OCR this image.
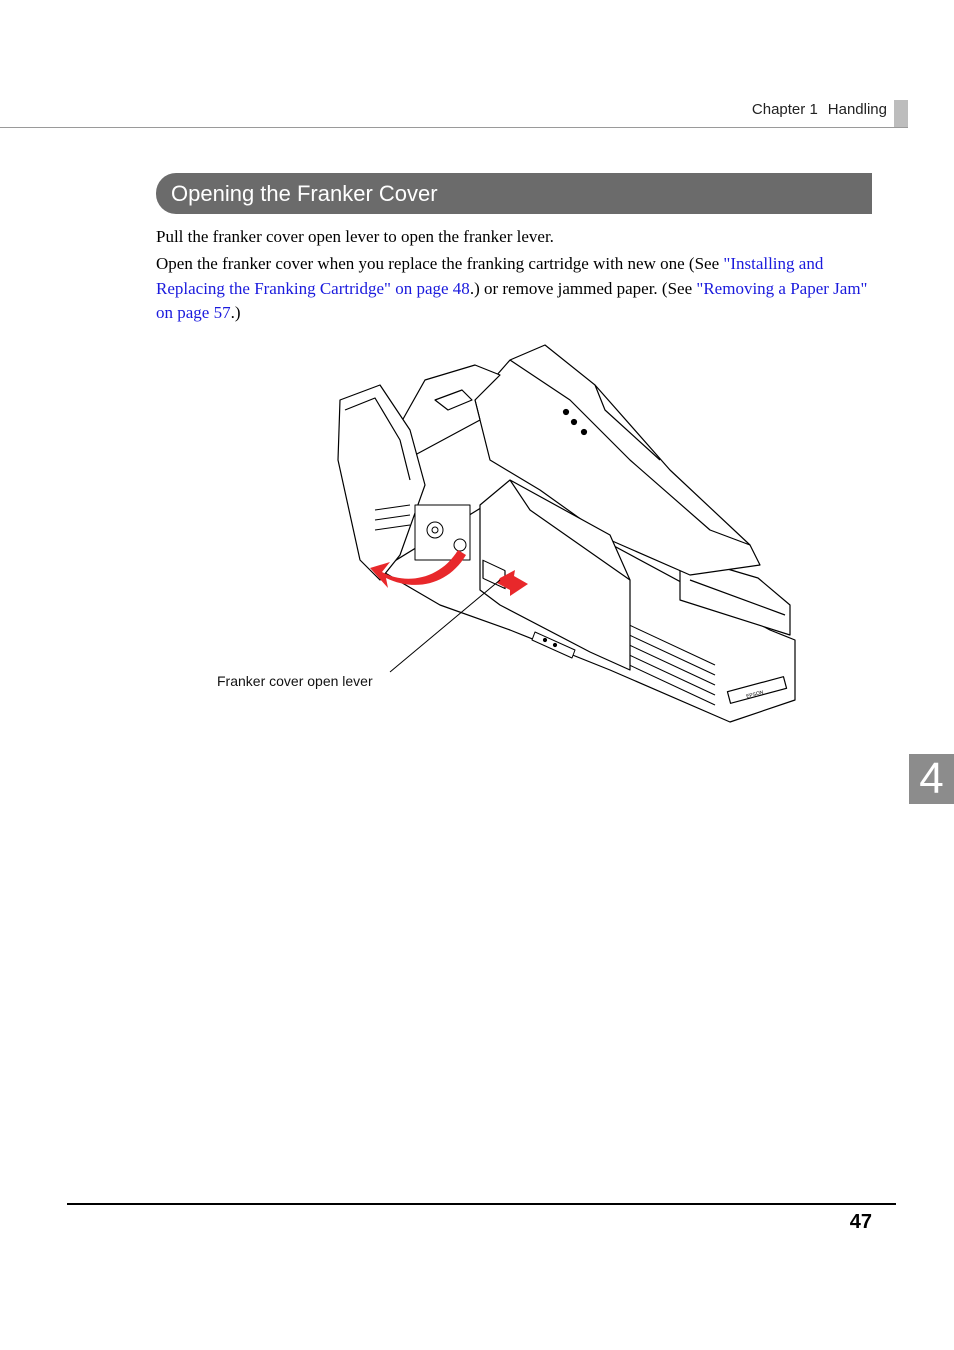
Chapter 1 Handling
Opening the Franker Cover

Pull the franker cover open lever to open the franker lever.

Open the franker cover when you replace the franking cartridge with new one (See "Installing and Replacing the Franking Cartridge" on page 48.) or remove jammed paper. (See "Removing a Paper Jam" on page 57.)

EPSON
Franker cover open lever
4
47
